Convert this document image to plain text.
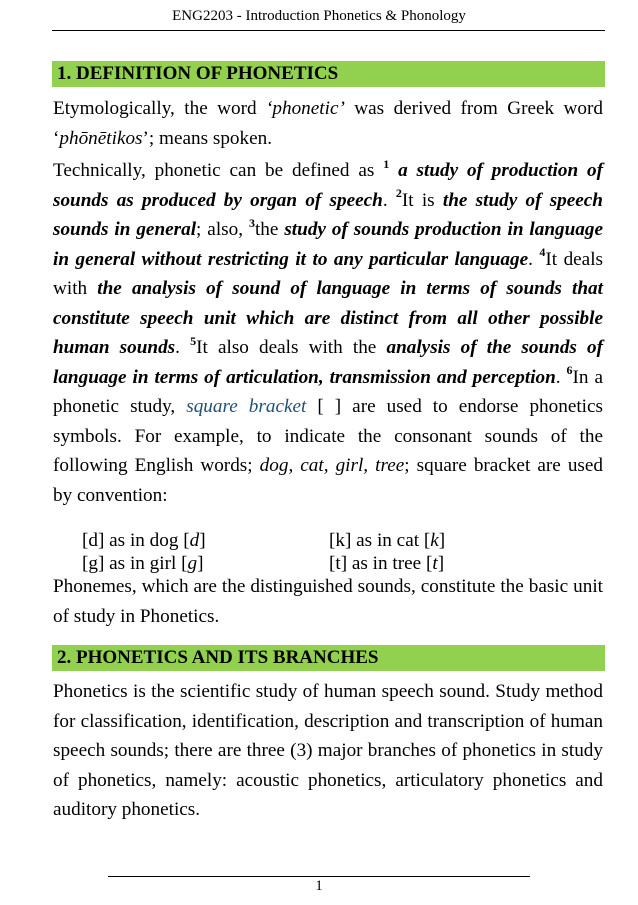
ENG2203 - Introduction Phonetics & Phonology
1. DEFINITION OF PHONETICS

Etymologically, the word ‘phonetic’ was derived from Greek word ‘phōnētikos’; means spoken.

Technically, phonetic can be defined as $^1$ a study of production of sounds as produced by organ of speech. $^2$It is the study of speech sounds in general; also, $^3$the study of sounds production in language in general without restricting it to any particular language. $^4$It deals with the analysis of sound of language in terms of sounds that constitute speech unit which are distinct from all other possible human sounds. $^5$It also deals with the analysis of the sounds of language in terms of articulation, transmission and perception. $^6$In a phonetic study, square bracket [ ] are used to endorse phonetics symbols. For example, to indicate the consonant sounds of the following English words; dog, cat, girl, tree; square bracket are used by convention:

[d] as in dog [d]	[k] as in cat [k]
[g] as in girl [g]	[t] as in tree [t]

Phonemes, which are the distinguished sounds, constitute the basic unit of study in Phonetics.

2. PHONETICS AND ITS BRANCHES

Phonetics is the scientific study of human speech sound. Study method for classification, identification, description and transcription of human speech sounds; there are three (3) major branches of phonetics in study of phonetics, namely: acoustic phonetics, articulatory phonetics and auditory phonetics.

1
